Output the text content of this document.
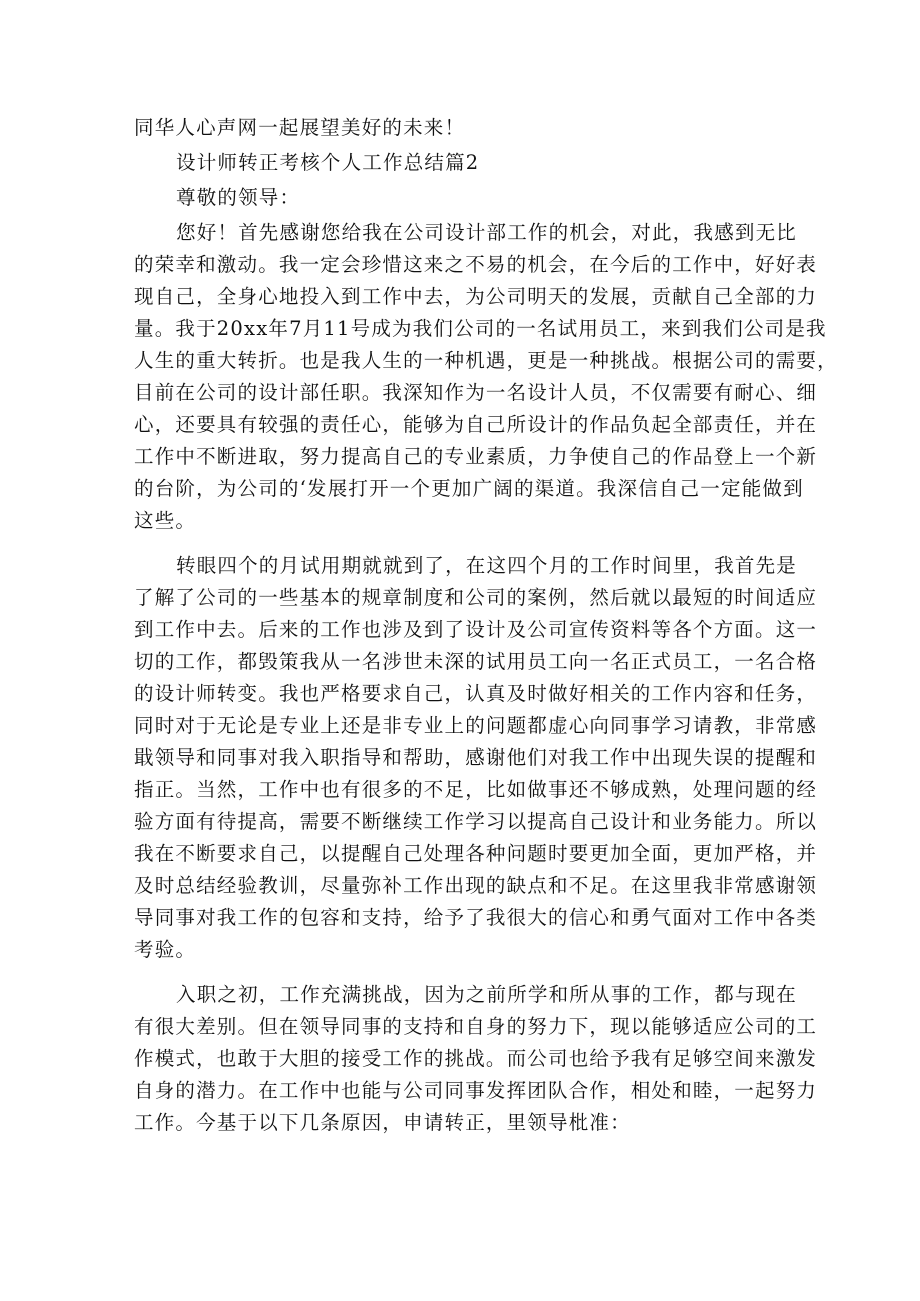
同华人心声网一起展望美好的未来！
设计师转正考核个人工作总结篇2
尊敬的领导：
您好！首先感谢您给我在公司设计部工作的机会，对此，我感到无比
的荣幸和激动。我一定会珍惜这来之不易的机会，在今后的工作中，好好表
现自己，全身心地投入到工作中去，为公司明天的发展，贡献自己全部的力
量。我于20xx年7月11号成为我们公司的一名试用员工，来到我们公司是我
人生的重大转折。也是我人生的一种机遇，更是一种挑战。根据公司的需要，
目前在公司的设计部任职。我深知作为一名设计人员，不仅需要有耐心、细
心，还要具有较强的责任心，能够为自己所设计的作品负起全部责任，并在
工作中不断进取，努力提高自己的专业素质，力争使自己的作品登上一个新
的台阶，为公司的‘发展打开一个更加广阔的渠道。我深信自己一定能做到
这些。
转眼四个的月试用期就就到了，在这四个月的工作时间里，我首先是
了解了公司的一些基本的规章制度和公司的案例，然后就以最短的时间适应
到工作中去。后来的工作也涉及到了设计及公司宣传资料等各个方面。这一
切的工作，都毁策我从一名涉世未深的试用员工向一名正式员工，一名合格
的设计师转变。我也严格要求自己，认真及时做好相关的工作内容和任务，
同时对于无论是专业上还是非专业上的问题都虚心向同事学习请教，非常感
戢领导和同事对我入职指导和帮助，感谢他们对我工作中出现失误的提醒和
指正。当然，工作中也有很多的不足，比如做事还不够成熟，处理问题的经
验方面有待提高，需要不断继续工作学习以提高自己设计和业务能力。所以
我在不断要求自己，以提醒自己处理各种问题时要更加全面，更加严格，并
及时总结经验教训，尽量弥补工作出现的缺点和不足。在这里我非常感谢领
导同事对我工作的包容和支持，给予了我很大的信心和勇气面对工作中各类
考验。
入职之初，工作充满挑战，因为之前所学和所从事的工作，都与现在
有很大差别。但在领导同事的支持和自身的努力下，现以能够适应公司的工
作模式，也敢于大胆的接受工作的挑战。而公司也给予我有足够空间来激发
自身的潜力。在工作中也能与公司同事发挥团队合作，相处和睦，一起努力
工作。今基于以下几条原因，申请转正，里领导枇准：
